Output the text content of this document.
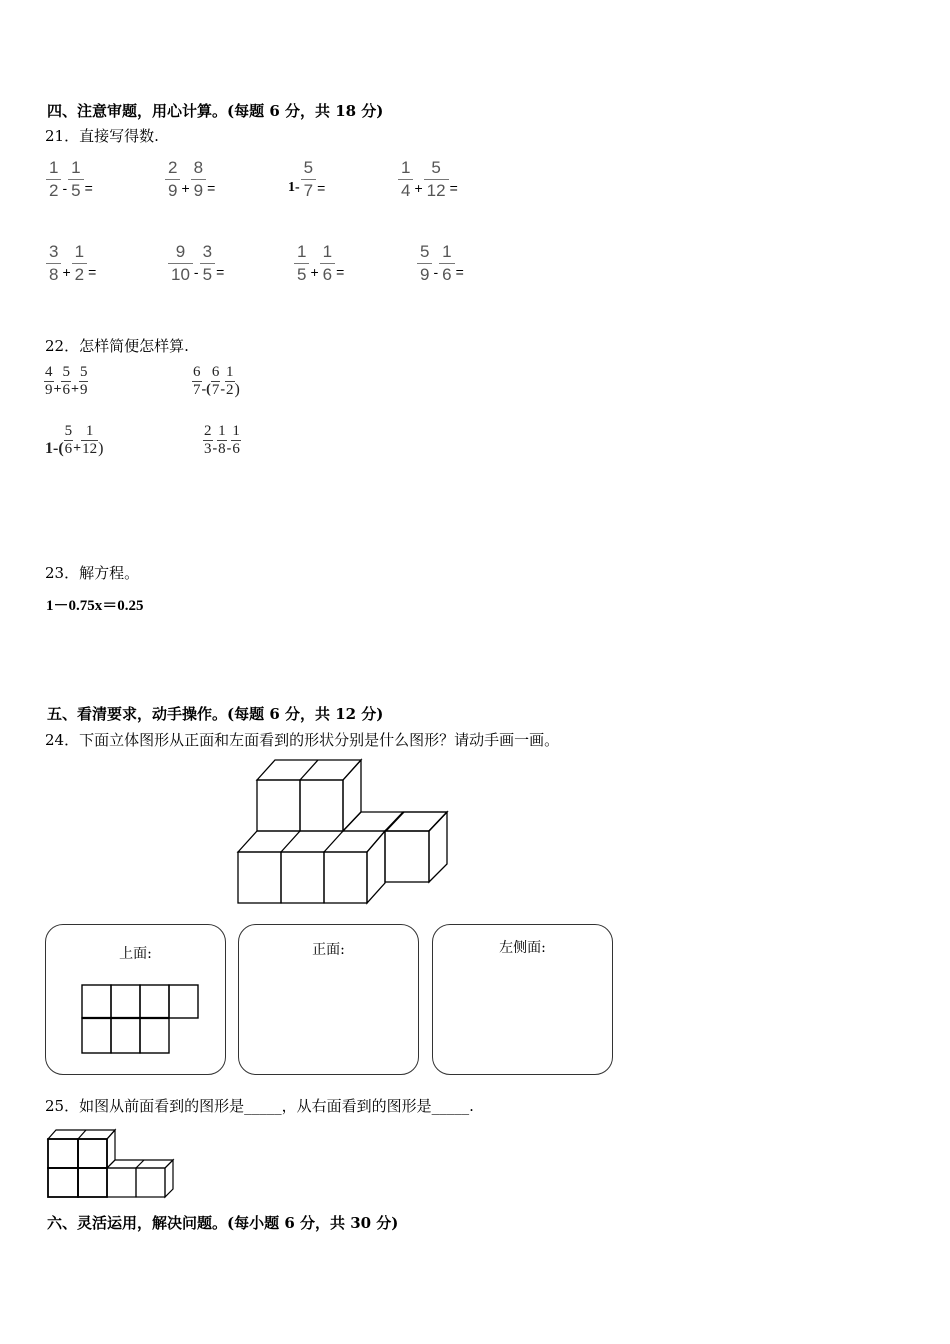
四、注意审题，用心计算。(每题 6 分，共 18 分)
21．直接写得数.
$\frac{1}{2} - \frac{1}{5}$ =	$\frac{2}{9} + \frac{8}{9}$ =	$1- \frac{5}{7}$ =	$\frac{1}{4} + \frac{5}{12}$ =
$\frac{3}{8} + \frac{1}{2}$ =	$\frac{9}{10} - \frac{3}{5}$ =	$\frac{1}{5} + \frac{1}{6}$ =	$\frac{5}{9} - \frac{1}{6}$ =
22．怎样简便怎样算.
$\frac{4}{9} + \frac{5}{6} + \frac{5}{9}$	$\frac{6}{7}$ -( $\frac{6}{7} - \frac{1}{2}$ )
$1-( \frac{5}{6} + \frac{1}{12}$ )	$\frac{2}{3} - \frac{1}{8} - \frac{1}{6}$
23．解方程。
1－0.75x＝0.25
五、看清要求，动手操作。(每题 6 分，共 12 分)
24．下面立体图形从正面和左面看到的形状分别是什么图形？请动手画一画。
上面:	正面:	左侧面:
25．如图从前面看到的图形是_____，从右面看到的图形是_____.
六、灵活运用，解决问题。(每小题 6 分，共 30 分)
